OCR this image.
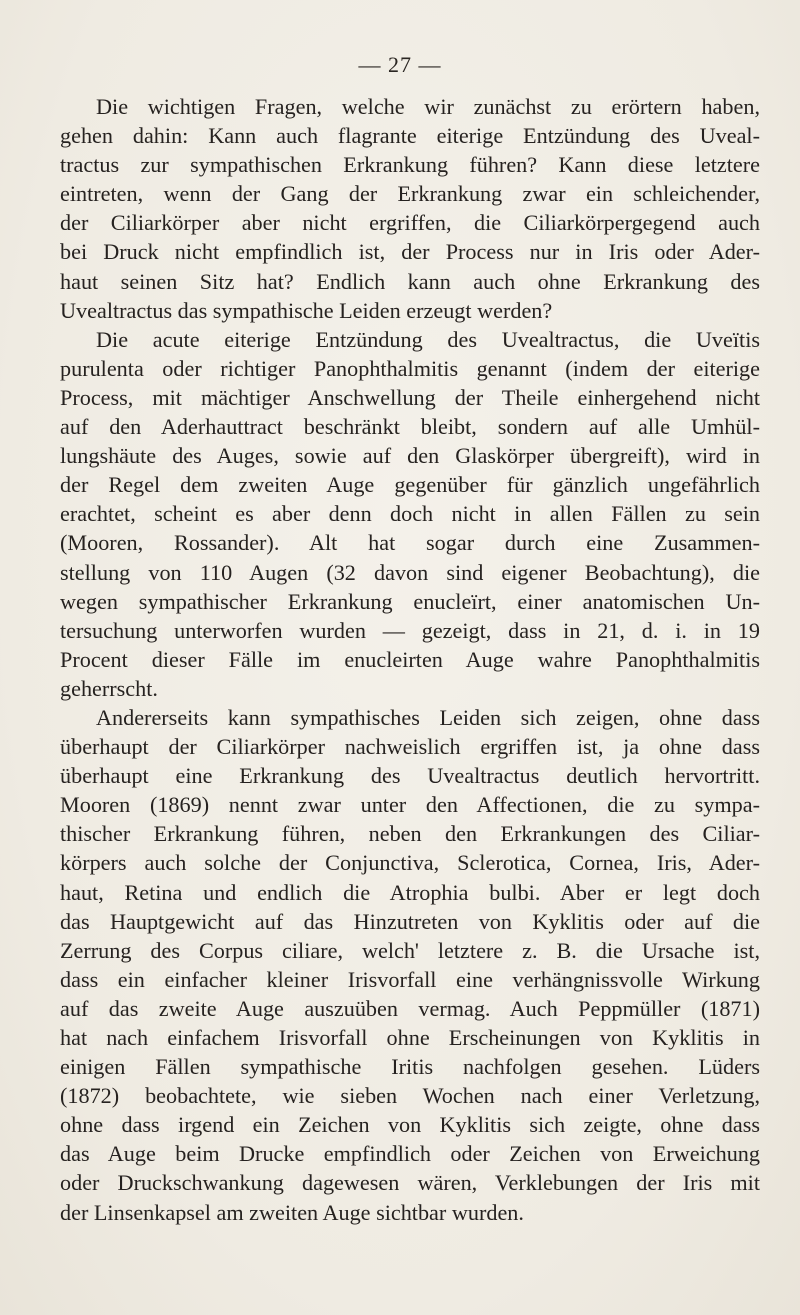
— 27 —
Die wichtigen Fragen, welche wir zunächst zu erörtern haben,
gehen dahin: Kann auch flagrante eiterige Entzündung des Uveal-
tractus zur sympathischen Erkrankung führen? Kann diese letztere
eintreten, wenn der Gang der Erkrankung zwar ein schleichender,
der Ciliarkörper aber nicht ergriffen, die Ciliarkörpergegend auch
bei Druck nicht empfindlich ist, der Process nur in Iris oder Ader-
haut seinen Sitz hat? Endlich kann auch ohne Erkrankung des
Uvealtractus das sympathische Leiden erzeugt werden?
Die acute eiterige Entzündung des Uvealtractus, die Uveïtis
purulenta oder richtiger Panophthalmitis genannt (indem der eiterige
Process, mit mächtiger Anschwellung der Theile einhergehend nicht
auf den Aderhauttract beschränkt bleibt, sondern auf alle Umhül-
lungshäute des Auges, sowie auf den Glaskörper übergreift), wird in
der Regel dem zweiten Auge gegenüber für gänzlich ungefährlich
erachtet, scheint es aber denn doch nicht in allen Fällen zu sein
(Mooren, Rossander). Alt hat sogar durch eine Zusammen-
stellung von 110 Augen (32 davon sind eigener Beobachtung), die
wegen sympathischer Erkrankung enucleïrt, einer anatomischen Un-
tersuchung unterworfen wurden — gezeigt, dass in 21, d. i. in 19
Procent dieser Fälle im enucleirten Auge wahre Panophthalmitis
geherrscht.
Andererseits kann sympathisches Leiden sich zeigen, ohne dass
überhaupt der Ciliarkörper nachweislich ergriffen ist, ja ohne dass
überhaupt eine Erkrankung des Uvealtractus deutlich hervortritt.
Mooren (1869) nennt zwar unter den Affectionen, die zu sympa-
thischer Erkrankung führen, neben den Erkrankungen des Ciliar-
körpers auch solche der Conjunctiva, Sclerotica, Cornea, Iris, Ader-
haut, Retina und endlich die Atrophia bulbi. Aber er legt doch
das Hauptgewicht auf das Hinzutreten von Kyklitis oder auf die
Zerrung des Corpus ciliare, welch' letztere z. B. die Ursache ist,
dass ein einfacher kleiner Irisvorfall eine verhängnissvolle Wirkung
auf das zweite Auge auszuüben vermag. Auch Peppmüller (1871)
hat nach einfachem Irisvorfall ohne Erscheinungen von Kyklitis in
einigen Fällen sympathische Iritis nachfolgen gesehen. Lüders
(1872) beobachtete, wie sieben Wochen nach einer Verletzung,
ohne dass irgend ein Zeichen von Kyklitis sich zeigte, ohne dass
das Auge beim Drucke empfindlich oder Zeichen von Erweichung
oder Druckschwankung dagewesen wären, Verklebungen der Iris mit
der Linsenkapsel am zweiten Auge sichtbar wurden.
